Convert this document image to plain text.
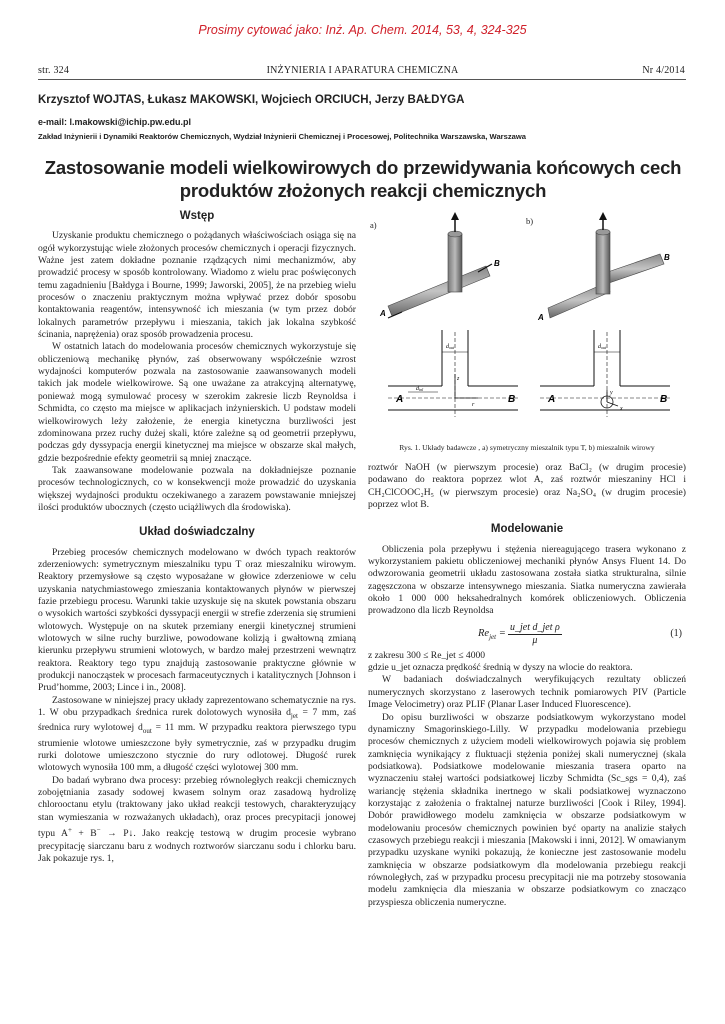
Prosimy cytować jako: Inż. Ap. Chem. 2014, 53, 4, 324-325
str. 324	INŻYNIERIA I APARATURA CHEMICZNA	Nr 4/2014
Krzysztof WOJTAS, Łukasz MAKOWSKI, Wojciech ORCIUCH, Jerzy BAŁDYGA
e-mail: l.makowski@ichip.pw.edu.pl
Zakład Inżynierii i Dynamiki Reaktorów Chemicznych, Wydział Inżynierii Chemicznej i Procesowej, Politechnika Warszawska, Warszawa
Zastosowanie modeli wielkowirowych do przewidywania końcowych cech
produktów złożonych reakcji chemicznych
Wstęp

Uzyskanie produktu chemicznego o pożądanych właściwościach osiąga się na ogół wykorzystując wiele złożonych procesów chemicznych i operacji fizycznych. Ważne jest zatem dokładne poznanie rządzących nimi mechanizmów, aby prowadzić procesy w sposób kontrolowany. Wiadomo z wielu prac poświęconych temu zagadnieniu [Bałdyga i Bourne, 1999; Jaworski, 2005], że na przebieg wielu procesów o znaczeniu praktycznym można wpływać przez dobór sposobu kontaktowania reagentów, intensywność ich mieszania (w tym przez dobór lokalnych parametrów przepływu i mieszania, takich jak lokalna szybkość ścinania, naprężenia) oraz sposób prowadzenia procesu.

W ostatnich latach do modelowania procesów chemicznych wykorzystuje się obliczeniową mechanikę płynów, zaś obserwowany współcześnie wzrost wydajności komputerów pozwala na zastosowanie zaawansowanych modeli takich jak modele wielkowirowe. Są one uważane za atrakcyjną alternatywę, ponieważ mogą symulować procesy w szerokim zakresie liczb Reynoldsa i Schmidta, co często ma miejsce w aplikacjach inżynierskich. U podstaw modeli wielkowirowych leży założenie, że energia kinetyczna burzliwości jest zdominowana przez ruchy dużej skali, które zależne są od geometrii przepływu, podczas gdy dyssypacja energii kinetycznej ma miejsce w obszarze skal małych, gdzie bezpośrednie efekty geometrii są mniej znaczące.

Tak zaawansowane modelowanie pozwala na dokładniejsze poznanie procesów technologicznych, co w konsekwencji może prowadzić do uzyskania większej wydajności produktu oczekiwanego a zarazem powstawanie mniejszej ilości produktów ubocznych (często uciążliwych dla środowiska).

Układ doświadczalny

Przebieg procesów chemicznych modelowano w dwóch typach reaktorów zderzeniowych: symetrycznym mieszalniku typu T oraz mieszalniku wirowym. Reaktory przemysłowe są często wyposażane w głowice zderzeniowe w celu uzyskania natychmiastowego zmieszania kontaktowanych płynów w pierwszej fazie przebiegu procesu. Warunki takie uzyskuje się na skutek powstania obszaru o wysokich wartości szybkości dyssypacji energii w strefie zderzenia się strumieni wlotowych. Występuje on na skutek przemiany energii kinetycznej strumieni wlotowych w silne ruchy burzliwe, powodowane kolizją i gwałtowną zmianą kierunku przepływu strumieni wlotowych, w bardzo małej przestrzeni wewnątrz reaktora. Reaktory tego typu znajdują zastosowanie praktyczne głównie w produkcji nanocząstek w procesach farmaceutycznych i katalitycznych [Johnson i Prud’homme, 2003; Lince i in., 2008].

Zastosowane w niniejszej pracy układy zaprezentowano schematycznie na rys. 1. W obu przypadkach średnica rurek dolotowych wynosiła $d_{jet} = 7$ mm, zaś średnica rury wylotowej $d_{out} = 11$ mm. W przypadku reaktora pierwszego typu strumienie wlotowe umieszczone były symetrycznie, zaś w przypadku drugim rurki dolotowe umieszczono stycznie do rury odlotowej. Długość rurek wlotowych wynosiła 100 mm, a długość części wylotowej 300 mm.

Do badań wybrano dwa procesy: przebieg równoległych reakcji chemicznych zobojętniania zasady sodowej kwasem solnym oraz zasadową hydrolizę chlorooctanu etylu (traktowany jako układ reakcji testowych, charakteryzujący stan wymieszania w rozważanych układach), oraz proces precypitacji jonowej typu A+ + B− → P↓. Jako reakcję testową w drugim procesie wybrano precypitację siarczanu baru z wodnych roztworów siarczanu sodu i chlorku baru. Jak pokazuje rys. 1,

a)	b)
A
B
A
B
A	B
dout
dinl
z
r	A	B
dout
y
x
Rys. 1. Układy badawcze , a) symetryczny mieszalnik typu T, b) mieszalnik wirowy

roztwór NaOH (w pierwszym procesie) oraz BaCl₂ (w drugim procesie) podawano do reaktora poprzez wlot A, zaś roztwór mieszaniny HCl i CH₂ClCOOC₂H₅ (w pierwszym procesie) oraz Na₂SO₄ (w drugim procesie) poprzez wlot B.

Modelowanie

Obliczenia pola przepływu i stężenia niereagującego trasera wykonano z wykorzystaniem pakietu obliczeniowej mechaniki płynów Ansys Fluent 14. Do odwzorowania geometrii układu zastosowana została siatka strukturalna, silnie zagęszczona w obszarze intensywnego mieszania. Siatka numeryczna zawierała około 1 000 000 heksahedralnych komórek obliczeniowych. Obliczenia prowadzono dla liczb Reynoldsa

$Re_{jet}$ =
u_jet d_jet ρ
μ
(1)

z zakresu 300 ≤ Re_jet ≤ 4000

gdzie u_jet oznacza prędkość średnią w dyszy na wlocie do reaktora.

W badaniach doświadczalnych weryfikujących rezultaty obliczeń numerycznych skorzystano z laserowych technik pomiarowych PIV (Particle Image Velocimetry) oraz PLIF (Planar Laser Induced Fluorescence).

Do opisu burzliwości w obszarze podsiatkowym wykorzystano model dynamiczny Smagorinskiego-Lilly. W przypadku modelowania przebiegu procesów chemicznych z użyciem modeli wielkowirowych pojawia się problem zamknięcia wynikający z fluktuacji stężenia poniżej skali numerycznej (skala podsiatkowa). Podsiatkowe modelowanie mieszania trasera oparto na wyznaczeniu stałej wartości podsiatkowej liczby Schmidta (Sc_sgs = 0,4), zaś wariancję stężenia składnika inertnego w skali podsiatkowej wyznaczono korzystając z założenia o fraktalnej naturze burzliwości [Cook i Riley, 1994]. Dobór prawidłowego modelu zamknięcia w obszarze podsiatkowym w modelowaniu procesów chemicznych powinien być oparty na analizie stałych czasowych przebiegu reakcji i mieszania [Makowski i inni, 2012]. W omawianym przypadku uzyskane wyniki pokazują, że konieczne jest zastosowanie modelu zamknięcia w obszarze podsiatkowym dla modelowania przebiegu reakcji równoległych, zaś w przypadku procesu precypitacji nie ma potrzeby stosowania modelu zamknięcia dla mieszania w obszarze podsiatkowym co znacząco przyspiesza obliczenia numeryczne.
